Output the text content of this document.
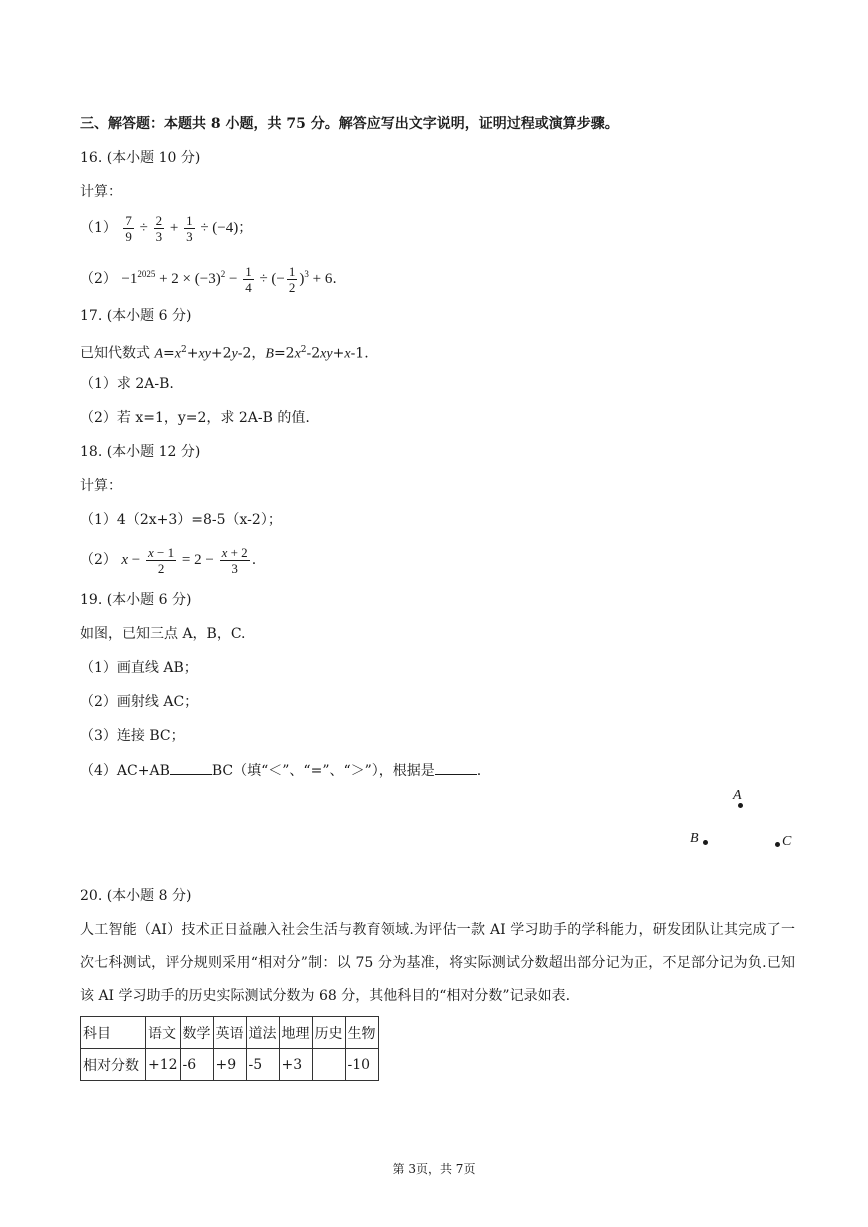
三、解答题：本题共 8 小题，共 75 分。解答应写出文字说明，证明过程或演算步骤。
16. (本小题 10 分)
计算：
$(1) \frac{7}{9} \div \frac{2}{3} + \frac{1}{3} \div (-4)$；
$(2) -1^{2025} + 2 \times (-3)^2 - \frac{1}{4}$ ÷ (− $\frac{1}{2} )^3 + 6$.
17. (本小题 6 分)
已知代数式 $A=x^2+xy+2y-2$，$B=2x^2-2xy+x-1$.
（1）求 2A-B.
（2）若 x=1，y=2，求 2A-B 的值.
18. (本小题 12 分)
计算：
（1）4（2x+3）=8-5（x-2）；
（2） $x - \frac{x - 1}{2} = 2 - \frac{x + 2}{3}$ .
19. (本小题 6 分)
如图，已知三点 A，B，C.
（1）画直线 AB；
（2）画射线 AC；
（3）连接 BC；
（4）AC+AB	BC（填“＜”、“=”、“＞”），根据是	.
A
B	C
20. (本小题 8 分)
人工智能（AI）技术正日益融入社会生活与教育领域.为评估一款 AI 学习助手的学科能力，研发团队让其完成了一次七科测试，评分规则采用“相对分”制：以 75 分为基准，将实际测试分数超出部分记为正，不足部分记为负.已知该 AI 学习助手的历史实际测试分数为 68 分，其他科目的“相对分数”记录如表.
科目	语文	数学	英语	道法	地理	历史	生物
相对分数	+12	-6	+9	-5	+3		-10
第 3页，共 7页
